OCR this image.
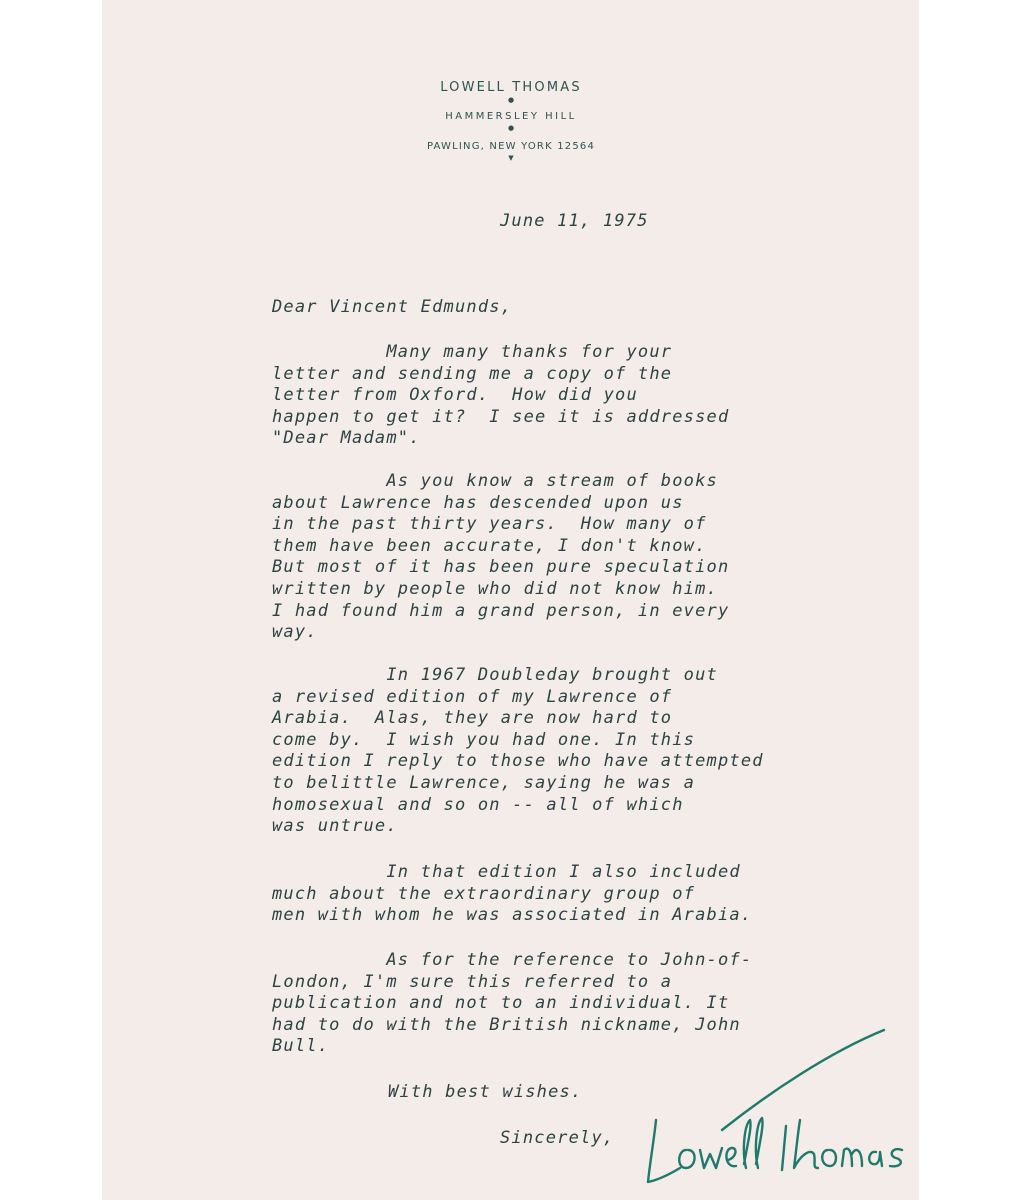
LOWELL THOMAS
●
HAMMERSLEY HILL
●
PAWLING, NEW YORK 12564
▼

June 11, 1975

Dear Vincent Edmunds,

Many many thanks for your
letter and sending me a copy of the
letter from Oxford.  How did you
happen to get it?  I see it is addressed
"Dear Madam".

As you know a stream of books
about Lawrence has descended upon us
in the past thirty years.  How many of
them have been accurate, I don't know.
But most of it has been pure speculation
written by people who did not know him.
I had found him a grand person, in every
way.

In 1967 Doubleday brought out
a revised edition of my Lawrence of
Arabia.  Alas, they are now hard to
come by.  I wish you had one. In this
edition I reply to those who have attempted
to belittle Lawrence, saying he was a
homosexual and so on -- all of which
was untrue.

In that edition I also included
much about the extraordinary group of
men with whom he was associated in Arabia.

As for the reference to John-of-
London, I'm sure this referred to a
publication and not to an individual. It
had to do with the British nickname, John
Bull.

With best wishes.

Sincerely,
